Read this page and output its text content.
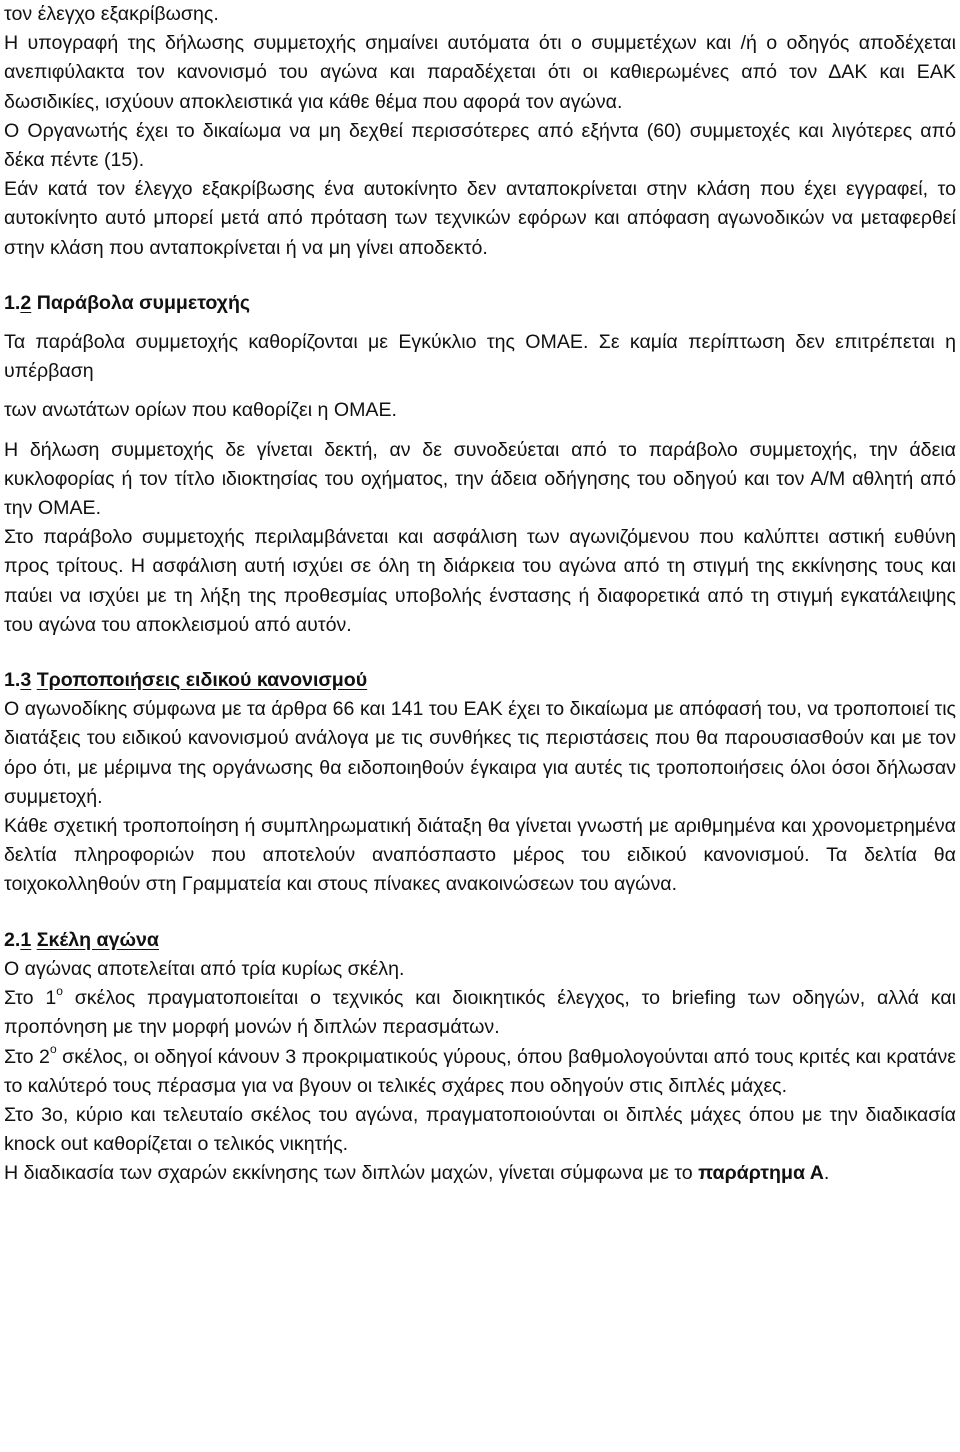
τον έλεγχο εξακρίβωσης.

Η υπογραφή της δήλωσης συμμετοχής σημαίνει αυτόματα ότι ο συμμετέχων και /ή ο οδηγός αποδέχεται ανεπιφύλακτα τον κανονισμό του αγώνα και παραδέχεται ότι οι καθιερωμένες από τον ΔΑΚ και ΕΑΚ δωσιδικίες, ισχύουν αποκλειστικά για κάθε θέμα που αφορά τον αγώνα.

Ο Οργανωτής έχει το δικαίωμα να μη δεχθεί περισσότερες από εξήντα (60) συμμετοχές και λιγότερες από δέκα πέντε (15).

Εάν κατά τον έλεγχο εξακρίβωσης ένα αυτοκίνητο δεν ανταποκρίνεται στην κλάση που έχει εγγραφεί, το αυτοκίνητο αυτό μπορεί μετά από πρόταση των τεχνικών εφόρων και απόφαση αγωνοδικών να μεταφερθεί στην κλάση που ανταποκρίνεται ή να μη γίνει αποδεκτό.

1.2 Παράβολα συμμετοχής

Τα παράβολα συμμετοχής καθορίζονται με Εγκύκλιο της ΟΜΑΕ. Σε καμία περίπτωση δεν επιτρέπεται η υπέρβαση

των ανωτάτων ορίων που καθορίζει η ΟΜΑΕ.

Η δήλωση συμμετοχής δε γίνεται δεκτή, αν δε συνοδεύεται από το παράβολο συμμετοχής, την άδεια κυκλοφορίας ή τον τίτλο ιδιοκτησίας του οχήματος, την άδεια οδήγησης του οδηγού και τον Α/Μ αθλητή από την ΟΜΑΕ.

Στο παράβολο συμμετοχής περιλαμβάνεται και ασφάλιση των αγωνιζόμενου που καλύπτει αστική ευθύνη προς τρίτους. Η ασφάλιση αυτή ισχύει σε όλη τη διάρκεια του αγώνα από τη στιγμή της εκκίνησης τους και παύει να ισχύει με τη λήξη της προθεσμίας υποβολής ένστασης ή διαφορετικά από τη στιγμή εγκατάλειψης του αγώνα του αποκλεισμού από αυτόν.

1.3 Τροποποιήσεις ειδικού κανονισμού

Ο αγωνοδίκης σύμφωνα με τα άρθρα 66 και 141 του ΕΑΚ έχει το δικαίωμα με απόφασή του, να τροποποιεί τις διατάξεις του ειδικού κανονισμού ανάλογα με τις συνθήκες τις περιστάσεις που θα παρουσιασθούν και με τον όρο ότι, με μέριμνα της οργάνωσης θα ειδοποιηθούν έγκαιρα για αυτές τις τροποποιήσεις όλοι όσοι δήλωσαν συμμετοχή.

Κάθε σχετική τροποποίηση ή συμπληρωματική διάταξη θα γίνεται γνωστή με αριθμημένα και χρονομετρημένα δελτία πληροφοριών που αποτελούν αναπόσπαστο μέρος του ειδικού κανονισμού. Τα δελτία θα τοιχοκολληθούν στη Γραμματεία και στους πίνακες ανακοινώσεων του αγώνα.

2.1 Σκέλη αγώνα

Ο αγώνας αποτελείται από τρία κυρίως σκέλη.

Στο $1^o$ σκέλος πραγματοποιείται ο τεχνικός και διοικητικός έλεγχος, το briefing των οδηγών, αλλά και προπόνηση με την μορφή μονών ή διπλών περασμάτων.

Στο $2^o$ σκέλος, οι οδηγοί κάνουν 3 προκριματικούς γύρους, όπου βαθμολογούνται από τους κριτές και κρατάνε το καλύτερό τους πέρασμα για να βγουν οι τελικές σχάρες που οδηγούν στις διπλές μάχες.

Στο 3ο, κύριο και τελευταίο σκέλος του αγώνα, πραγματοποιούνται οι διπλές μάχες όπου με την διαδικασία knock out καθορίζεται ο τελικός νικητής.

Η διαδικασία των σχαρών εκκίνησης των διπλών μαχών, γίνεται σύμφωνα με το παράρτημα Α.
